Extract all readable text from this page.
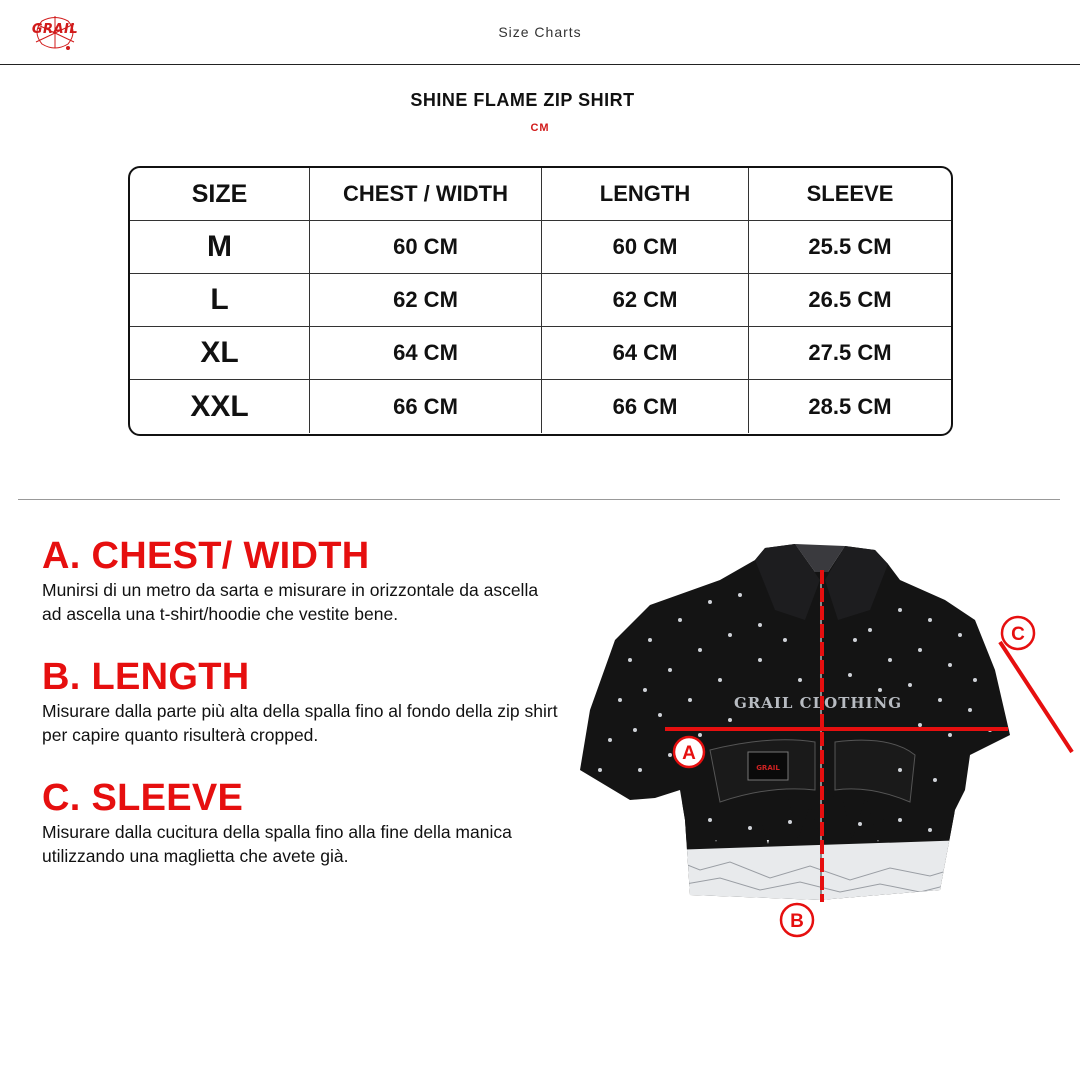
GRAIL	Size Charts
SHINE FLAME ZIP SHIRT
CM
SIZE	CHEST / WIDTH	LENGTH	SLEEVE
M	60 CM	60 CM	25.5 CM
L	62 CM	62 CM	26.5 CM
XL	64 CM	64 CM	27.5 CM
XXL	66 CM	66 CM	28.5 CM
A. CHEST/ WIDTH

Munirsi di un metro da sarta e misurare in orizzontale da ascella ad ascella una t-shirt/hoodie che vestite bene.

B. LENGTH

Misurare dalla parte più alta della spalla fino al fondo della zip shirt per capire quanto risulterà cropped.

C. SLEEVE

Misurare dalla cucitura della spalla fino alla fine della manica utilizzando una maglietta che avete già.

GRAIL
GRAIL CLOTHING
A
B
C
